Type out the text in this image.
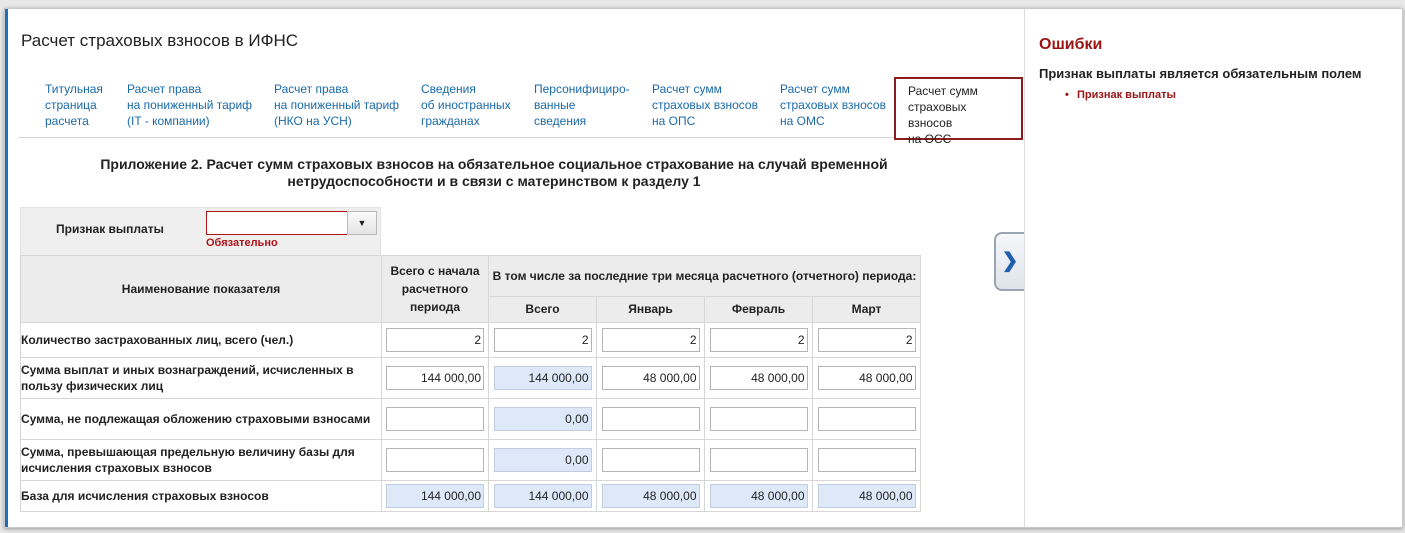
Расчет страховых взносов в ИФНС
Титульная
страница
расчета
Расчет права
на пониженный тариф
(IT - компании)
Расчет права
на пониженный тариф
(НКО на УСН)
Сведения
об иностранных
гражданах
Персонифициро-
ванные
сведения
Расчет сумм
страховых взносов
на ОПС
Расчет сумм
страховых взносов
на ОМС
Расчет сумм
страховых взносов
на ОСС
Приложение 2. Расчет сумм страховых взносов на обязательное социальное страхование на случай временной нетрудоспособности и в связи с материнством к разделу 1
Признак выплаты	▼
Обязательно
Наименование показателя	Всего с начала расчетного периода	В том числе за последние три месяца расчетного (отчетного) периода:			
		Всего	Январь	Февраль	Март
Количество застрахованных лиц, всего (чел.)	2	2	2	2	2
Сумма выплат и иных вознаграждений, исчисленных в пользу физических лиц	144 000,00	144 000,00	48 000,00	48 000,00	48 000,00
Сумма, не подлежащая обложению страховыми взносами		0,00			
Сумма, превышающая предельную величину базы для исчисления страховых взносов		0,00			
База для исчисления страховых взносов	144 000,00	144 000,00	48 000,00	48 000,00	48 000,00
❯
Ошибки
Признак выплаты является обязательным полем
• Признак выплаты
